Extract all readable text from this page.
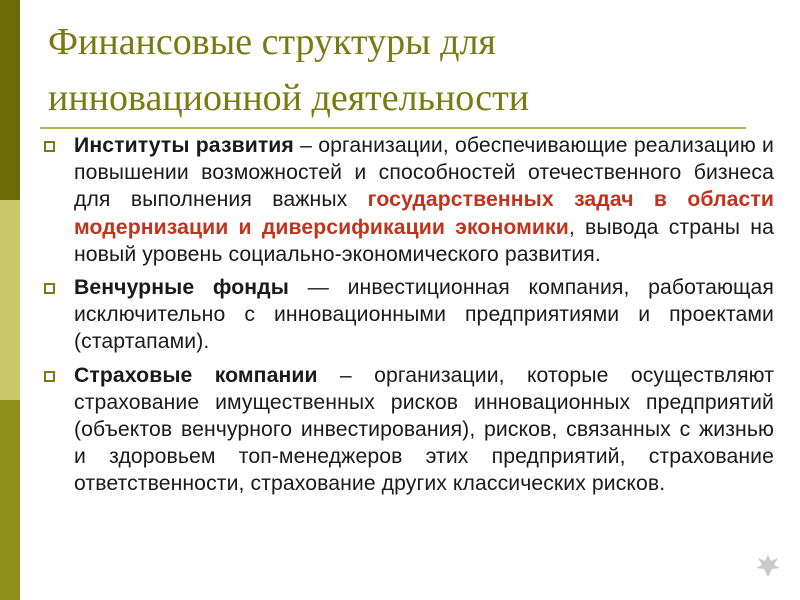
Финансовые структуры для
инновационной деятельности
Институты развития – организации, обеспечивающие реализацию и повышении возможностей и способностей отечественного бизнеса для выполнения важных государственных задач в области модернизации и диверсификации экономики, вывода страны на новый уровень социально-экономического развития.
Венчурные фонды — инвестиционная компания, работающая исключительно с инновационными предприятиями и проектами (стартапами).
Страховые компании – организации, которые осуществляют страхование имущественных рисков инновационных предприятий (объектов венчурного инвестирования), рисков, связанных с жизнью и здоровьем топ-менеджеров этих предприятий, страхование ответственности, страхование других классических рисков.
